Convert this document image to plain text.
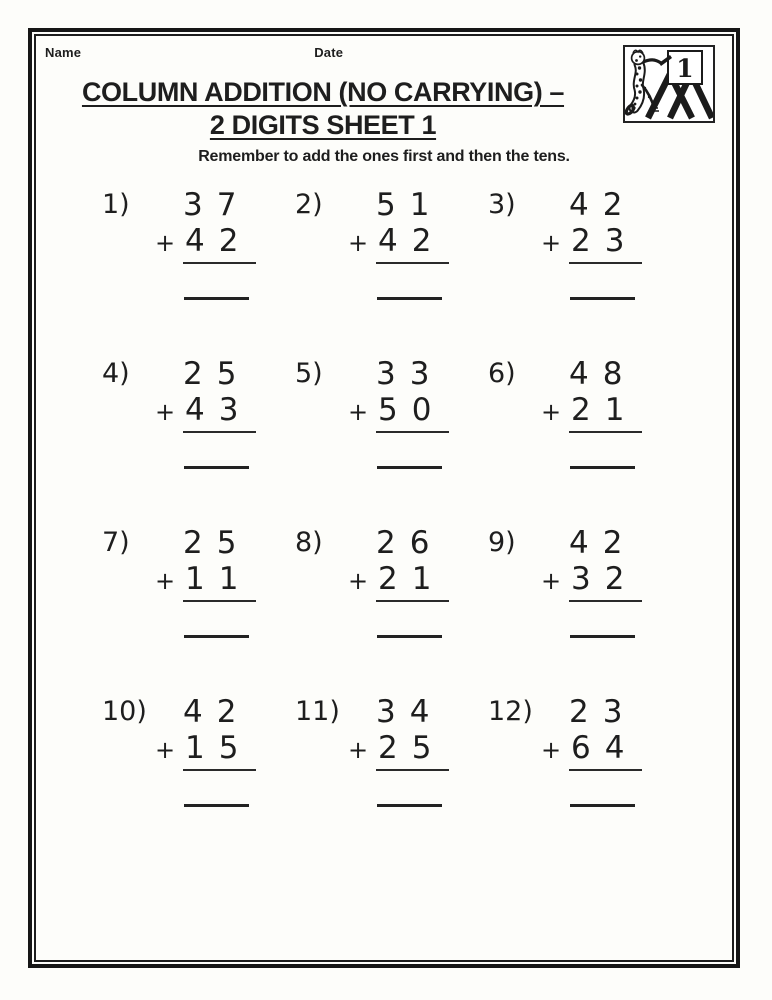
Name	Date
1
COLUMN ADDITION (NO CARRYING) –
2 DIGITS SHEET 1
Remember to add the ones first and then the tens.
1)	37
+ 42
2)	51
+ 42
3)	42
+ 23
4)	25
+ 43
5)	33
+ 50
6)	48
+ 21
7)	25
+ 11
8)	26
+ 21
9)	42
+ 32
10)	42
+ 15
11)	34
+ 25
12)	23
+ 64
